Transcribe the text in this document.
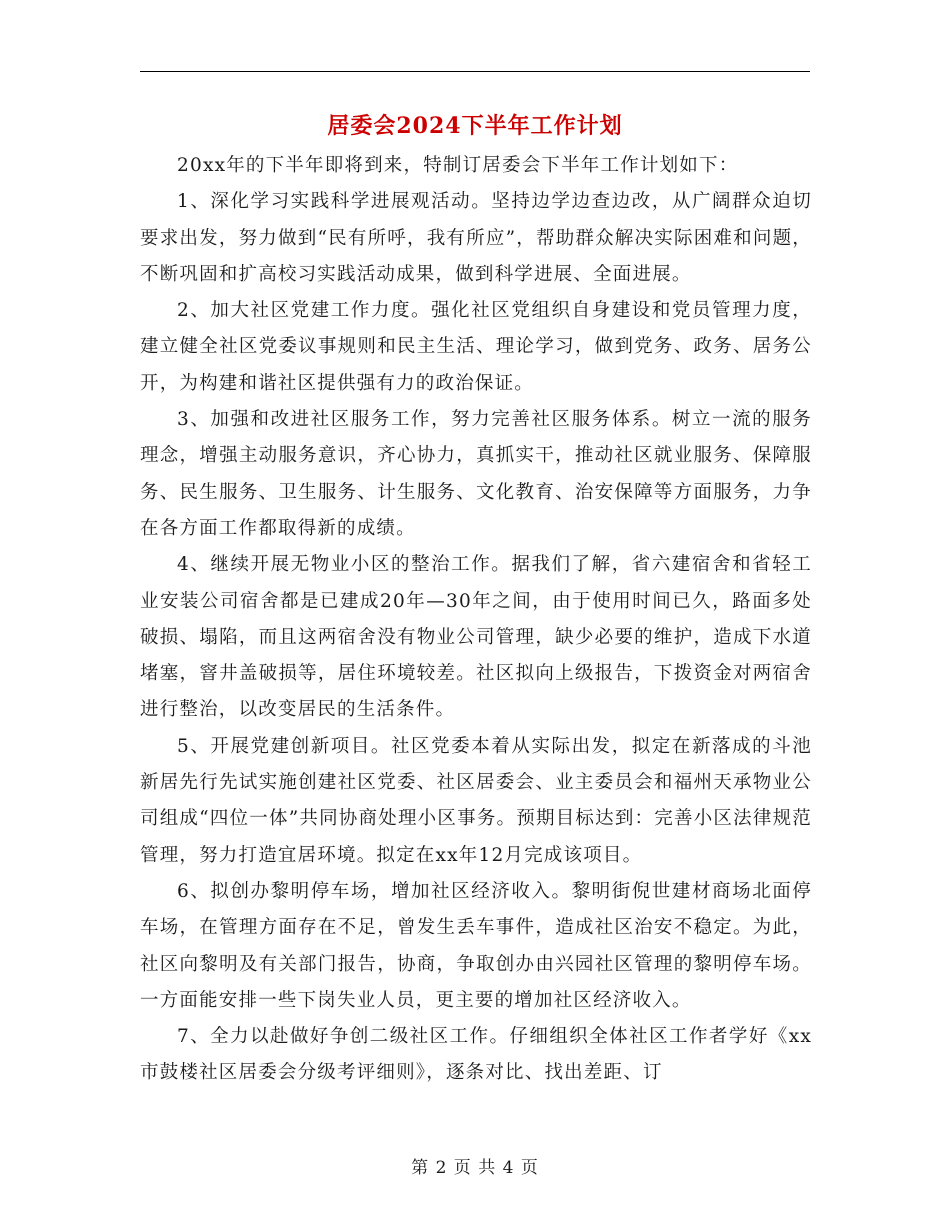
居委会2024下半年工作计划

20xx年的下半年即将到来，特制订居委会下半年工作计划如下：

1、深化学习实践科学进展观活动。坚持边学边查边改，从广阔群众迫切要求出发，努力做到“民有所呼，我有所应”，帮助群众解决实际困难和问题，不断巩固和扩高校习实践活动成果，做到科学进展、全面进展。

2、加大社区党建工作力度。强化社区党组织自身建设和党员管理力度，建立健全社区党委议事规则和民主生活、理论学习，做到党务、政务、居务公开，为构建和谐社区提供强有力的政治保证。

3、加强和改进社区服务工作，努力完善社区服务体系。树立一流的服务理念，增强主动服务意识，齐心协力，真抓实干，推动社区就业服务、保障服务、民生服务、卫生服务、计生服务、文化教育、治安保障等方面服务，力争在各方面工作都取得新的成绩。

4、继续开展无物业小区的整治工作。据我们了解，省六建宿舍和省轻工业安装公司宿舍都是已建成20年—30年之间，由于使用时间已久，路面多处破损、塌陷，而且这两宿舍没有物业公司管理，缺少必要的维护，造成下水道堵塞，窨井盖破损等，居住环境较差。社区拟向上级报告，下拨资金对两宿舍进行整治，以改变居民的生活条件。

5、开展党建创新项目。社区党委本着从实际出发，拟定在新落成的斗池新居先行先试实施创建社区党委、社区居委会、业主委员会和福州天承物业公司组成“四位一体”共同协商处理小区事务。预期目标达到：完善小区法律规范管理，努力打造宜居环境。拟定在xx年12月完成该项目。

6、拟创办黎明停车场，增加社区经济收入。黎明街倪世建材商场北面停车场，在管理方面存在不足，曾发生丢车事件，造成社区治安不稳定。为此，社区向黎明及有关部门报告，协商，争取创办由兴园社区管理的黎明停车场。一方面能安排一些下岗失业人员，更主要的增加社区经济收入。

7、全力以赴做好争创二级社区工作。仔细组织全体社区工作者学好《xx市鼓楼社区居委会分级考评细则》，逐条对比、找出差距、订

第 2 页 共 4 页
